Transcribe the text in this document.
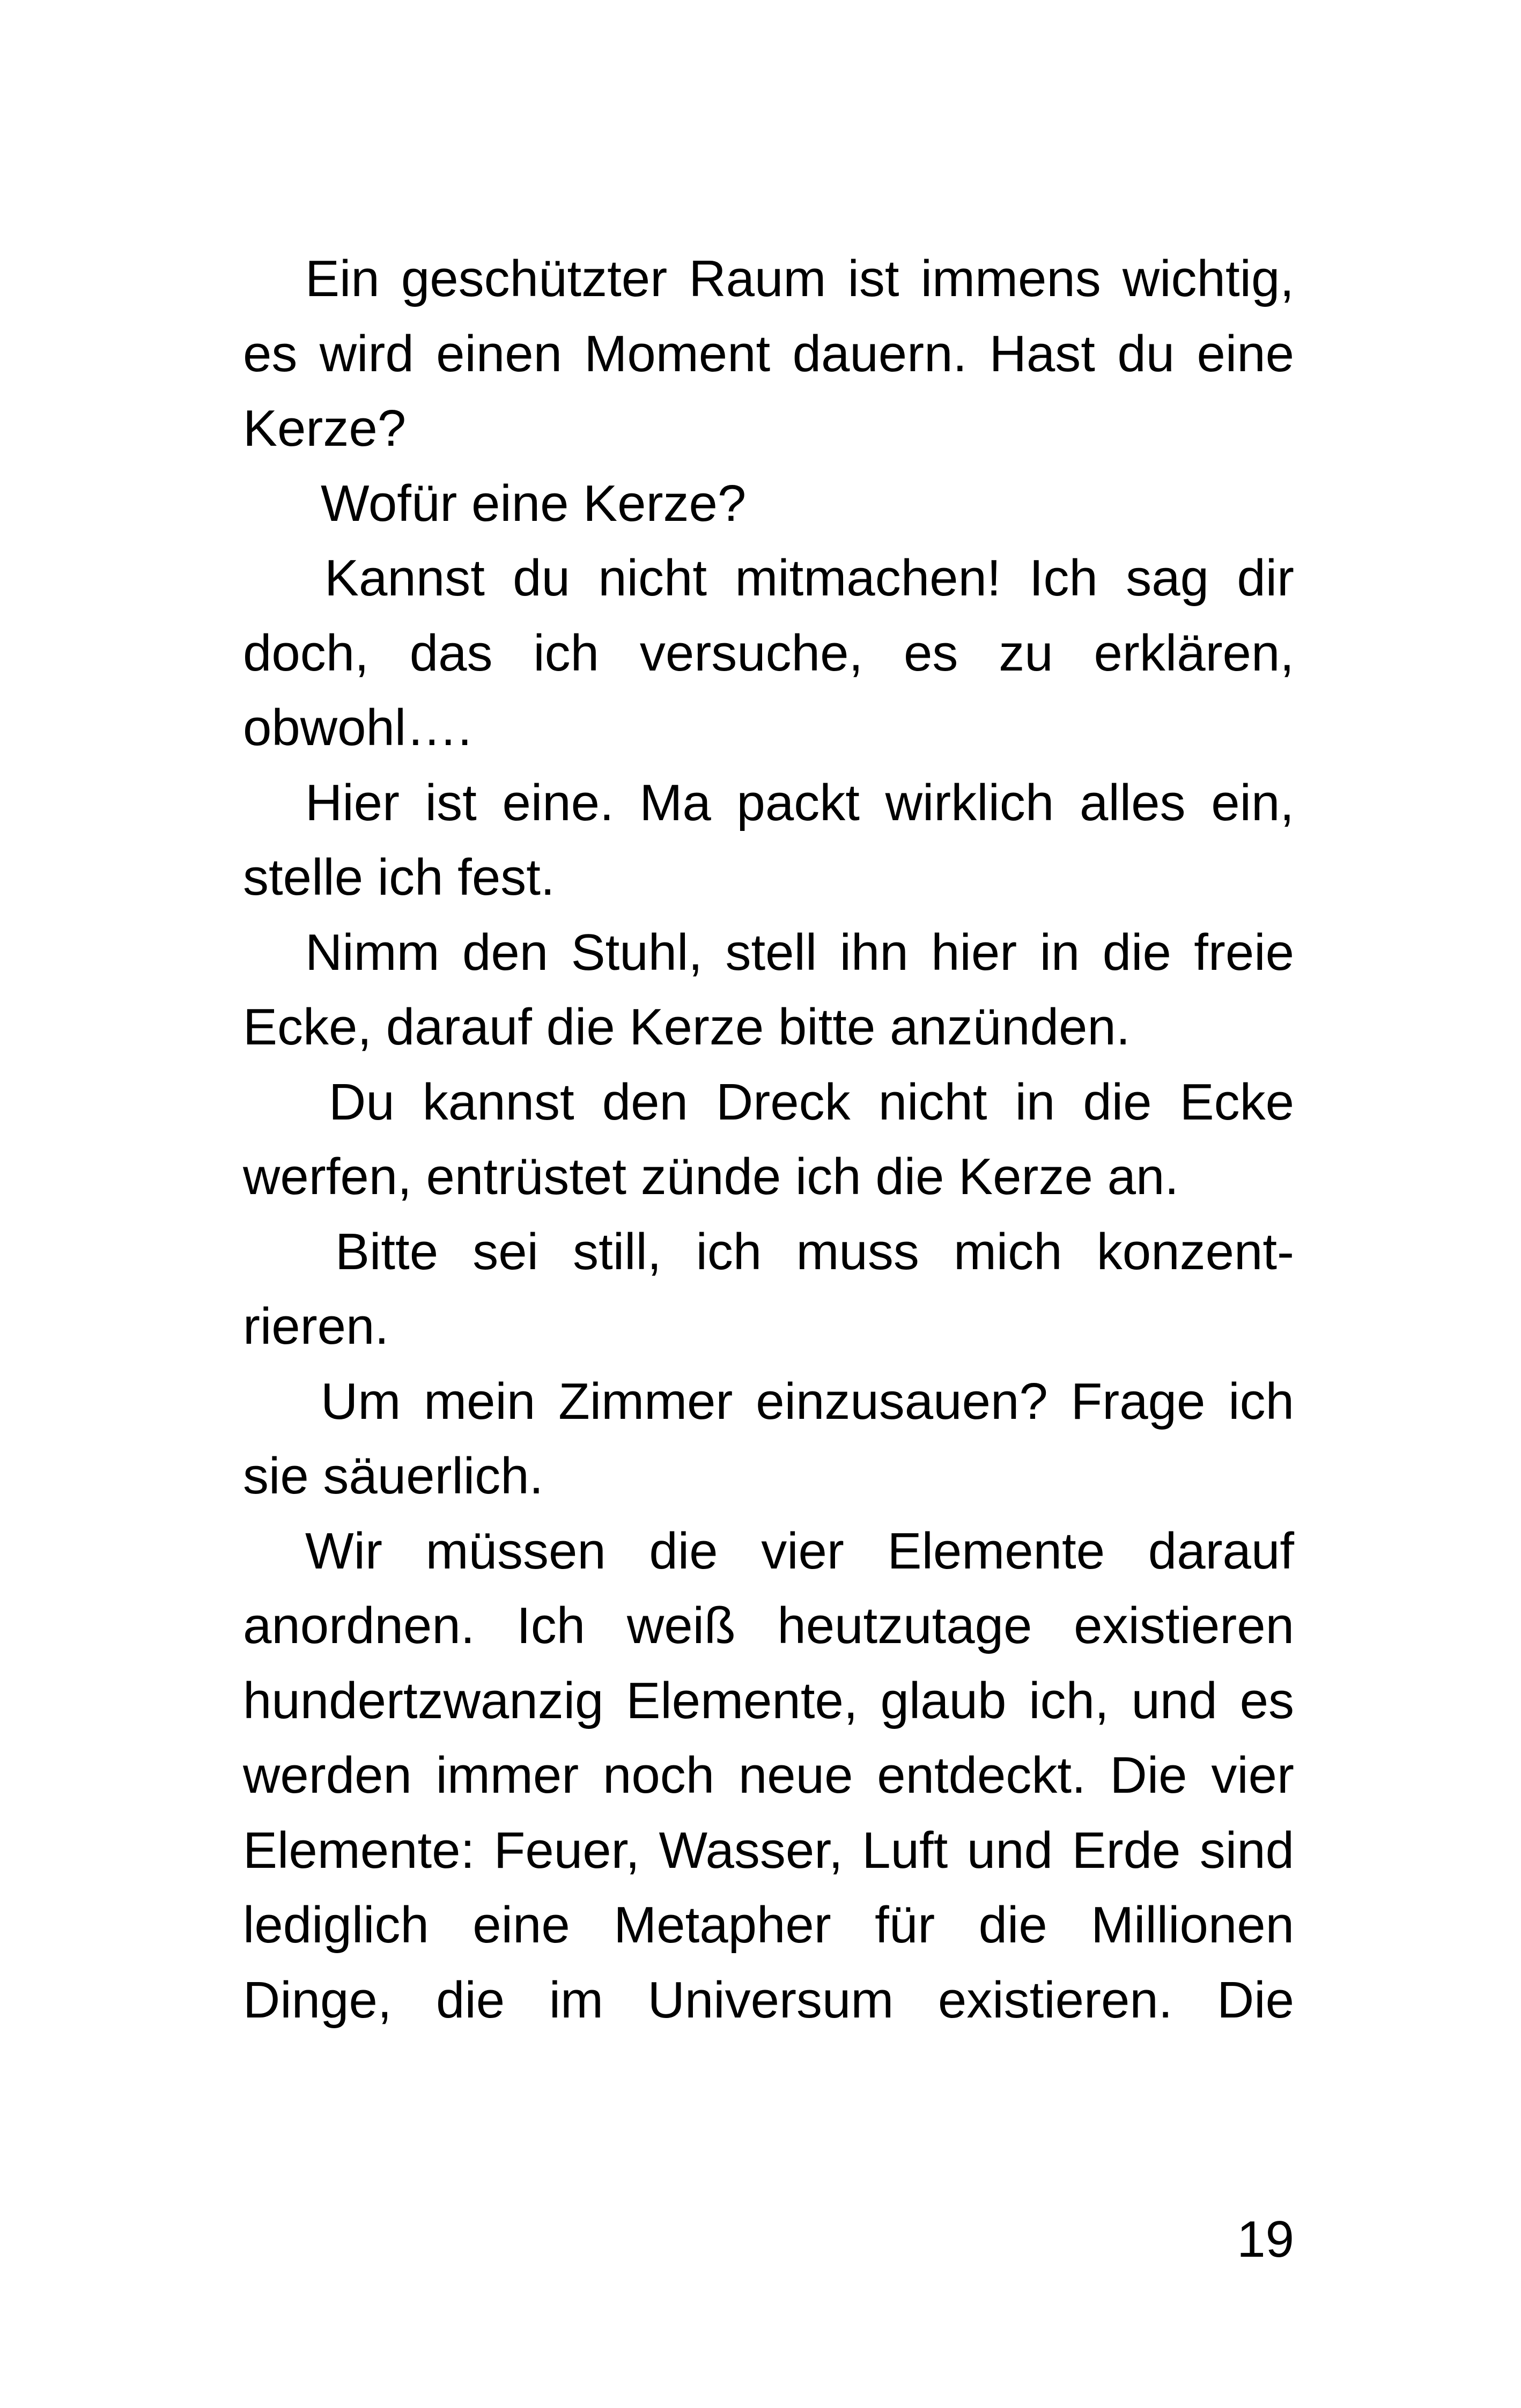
Ein geschützter Raum ist immens wichtig, es wird einen Moment dauern. Hast du eine Kerze?

Wofür eine Kerze?

Kannst du nicht mitmachen! Ich sag dir doch, das ich versuche, es zu erklären, obwohl….

Hier ist eine. Ma packt wirklich alles ein, stelle ich fest.

Nimm den Stuhl, stell ihn hier in die freie Ecke, darauf die Kerze bitte anzünden.

Du kannst den Dreck nicht in die Ecke werfen, entrüstet zünde ich die Kerze an.

Bitte sei still, ich muss mich konzentrieren.

Um mein Zimmer einzusauen? Frage ich sie säuerlich.

Wir müssen die vier Elemente darauf anordnen. Ich weiß heutzutage existieren hundertzwanzig Elemente, glaub ich, und es werden immer noch neue entdeckt. Die vier Elemente: Feuer, Wasser, Luft und Erde sind lediglich eine Metapher für die Millionen Dinge, die im Universum existieren. Die

19
